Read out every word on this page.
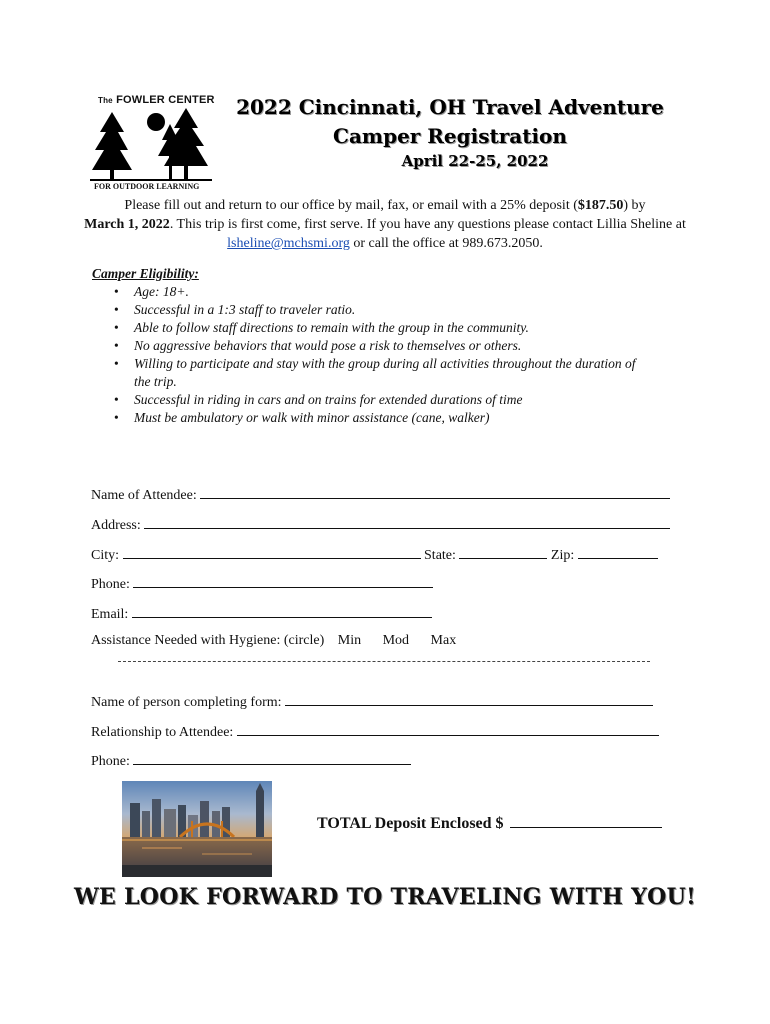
The FOWLER CENTER
FOR OUTDOOR LEARNING
2022 Cincinnati, OH Travel Adventure
Camper Registration
April 22-25, 2022
Please fill out and return to our office by mail, fax, or email with a 25% deposit ($187.50) by
March 1, 2022. This trip is first come, first serve. If you have any questions please contact Lillia Sheline at lsheline@mchsmi.org or call the office at 989.673.2050.
Camper Eligibility:
• Age: 18+.
• Successful in a 1:3 staff to traveler ratio.
• Able to follow staff directions to remain with the group in the community.
• No aggressive behaviors that would pose a risk to themselves or others.
• Willing to participate and stay with the group during all activities throughout the duration of the trip.
• Successful in riding in cars and on trains for extended durations of time
• Must be ambulatory or walk with minor assistance (cane, walker)
Name of Attendee:
Address:
City:	State:	Zip:
Phone:
Email:
Assistance Needed with Hygiene: (circle) Min Mod Max
Name of person completing form:
Relationship to Attendee:
Phone:
TOTAL Deposit Enclosed $
WE LOOK FORWARD TO TRAVELING WITH YOU!
